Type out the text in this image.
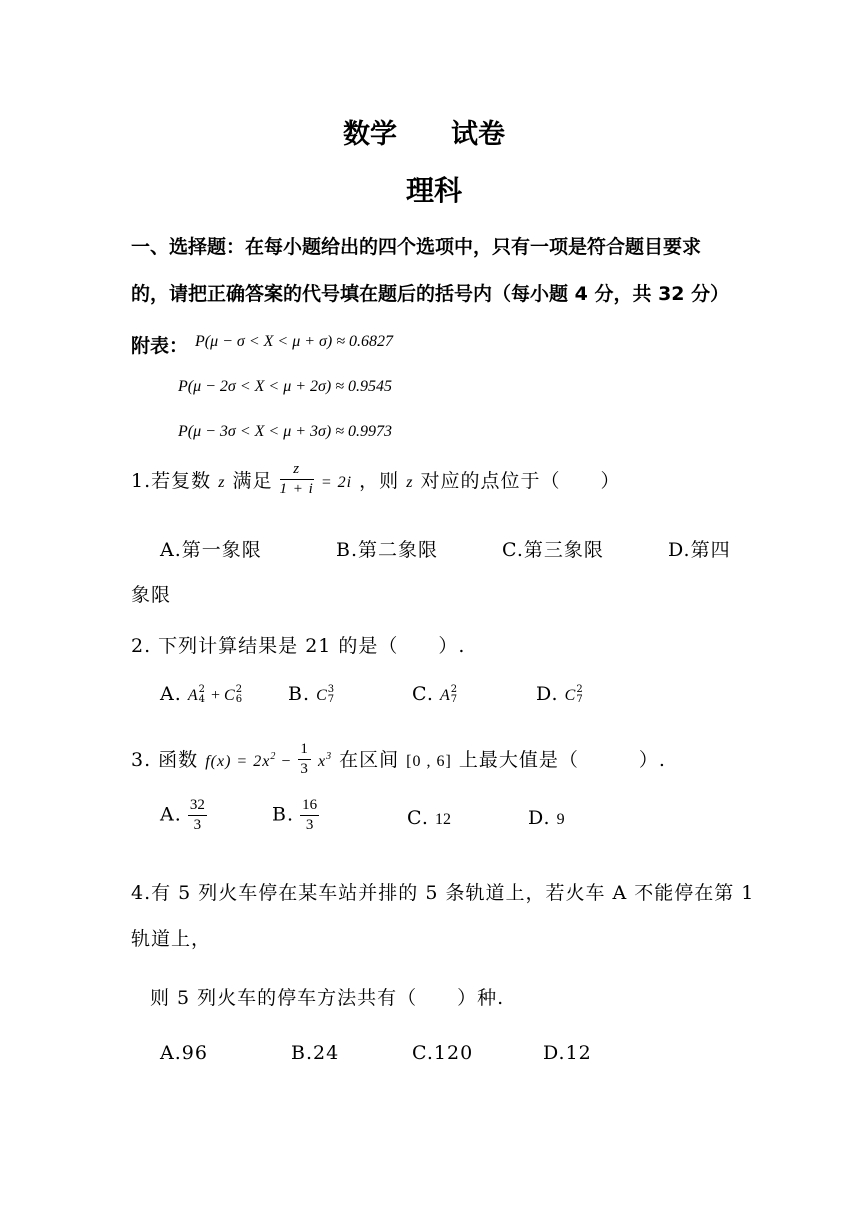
数学　　试卷
理科
一、选择题：在每小题给出的四个选项中，只有一项是符合题目要求
的，请把正确答案的代号填在题后的括号内（每小题 4 分，共 32 分）
附表： P(μ − σ < X < μ + σ) ≈ 0.6827
P(μ − 2σ < X < μ + 2σ) ≈ 0.9545
P(μ − 3σ < X < μ + 3σ) ≈ 0.9973
1.若复数 z 满足 $\frac{z}{1 + i} = 2i$ ，则 z 对应的点位于（　　）
A.第一象限	B.第二象限	C.第三象限	D.第四
象限
2. 下列计算结果是 21 的是（　　）.
A. A 2
4 + C 2
6 B. C 3
7	C. A 2
7	D. C 2
7
3. 函数 $f(x) = 2x^2 - \frac{1}{3} x^3$ 在区间 [0 , 6] 上最大值是（　　　）.
A. $\frac{32}{3}$	B. $\frac{16}{3}$	C. 12	D. 9
4.有 5 列火车停在某车站并排的 5 条轨道上，若火车 A 不能停在第 1
轨道上，
则 5 列火车的停车方法共有（　　）种.
A.96	B.24	C.120	D.12
